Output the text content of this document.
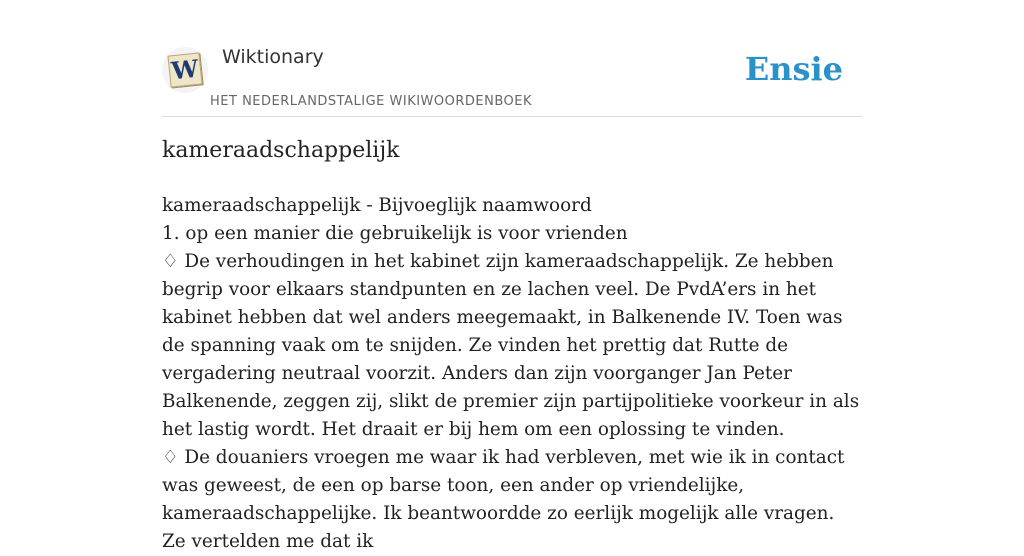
W Wiktionary
HET NEDERLANDSTALIGE WIKIWOORDENBOEK
Ensie
kameraadschappelijk

kameraadschappelijk - Bijvoeglijk naamwoord

1. op een manier die gebruikelijk is voor vrienden

♢ De verhoudingen in het kabinet zijn kameraadschappelijk. Ze hebben begrip voor elkaars standpunten en ze lachen veel. De PvdA’ers in het kabinet hebben dat wel anders meegemaakt, in Balkenende IV. Toen was de spanning vaak om te snijden. Ze vinden het prettig dat Rutte de vergadering neutraal voorzit. Anders dan zijn voorganger Jan Peter Balkenende, zeggen zij, slikt de premier zijn partijpolitieke voorkeur in als het lastig wordt. Het draait er bij hem om een oplossing te vinden.

♢ De douaniers vroegen me waar ik had verbleven, met wie ik in contact was geweest, de een op barse toon, een ander op vriendelijke, kameraadschappelijke. Ik beantwoordde zo eerlijk mogelijk alle vragen. Ze vertelden me dat ik
